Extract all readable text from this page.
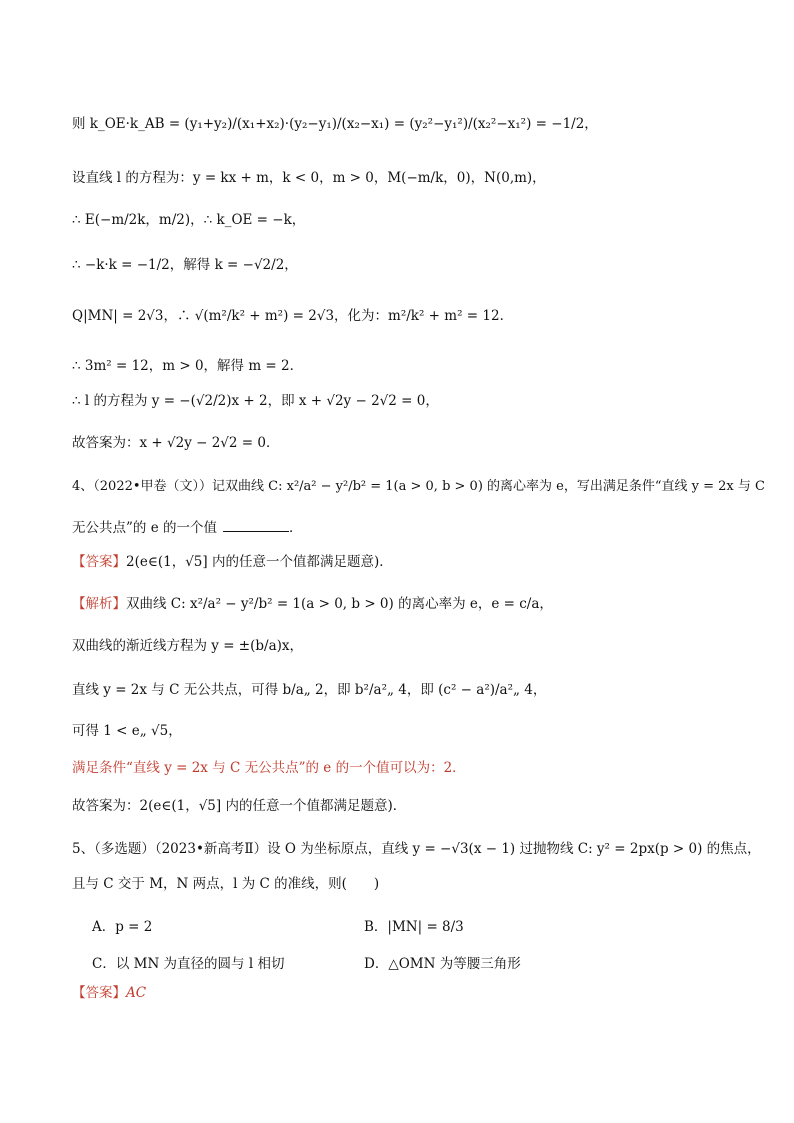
则 k_OE·k_AB = (y₁+y₂)/(x₁+x₂)·(y₂−y₁)/(x₂−x₁) = (y₂²−y₁²)/(x₂²−x₁²) = −1/2，
设直线 l 的方程为：y = kx + m，k < 0，m > 0，M(−m/k，0)，N(0,m)，
∴ E(−m/2k，m/2)，∴ k_OE = −k，
∴ −k·k = −1/2，解得 k = −√2/2，
Q|MN| = 2√3，∴ √(m²/k² + m²) = 2√3，化为：m²/k² + m² = 12．
∴ 3m² = 12，m > 0，解得 m = 2．
∴ l 的方程为 y = −(√2/2)x + 2，即 x + √2y − 2√2 = 0，
故答案为：x + √2y − 2√2 = 0．
4、（2022•甲卷（文））记双曲线 C: x²/a² − y²/b² = 1(a > 0, b > 0) 的离心率为 e，写出满足条件“直线 y = 2x 与 C
无公共点”的 e 的一个值	．
【答案】2(e∈(1，√5] 内的任意一个值都满足题意)．
【解析】双曲线 C: x²/a² − y²/b² = 1(a > 0, b > 0) 的离心率为 e，e = c/a，
双曲线的渐近线方程为 y = ±(b/a)x，
直线 y = 2x 与 C 无公共点，可得 b/a„ 2，即 b²/a²„ 4，即 (c² − a²)/a²„ 4，
可得 1 < e„ √5，
满足条件“直线 y = 2x 与 C 无公共点”的 e 的一个值可以为：2．
故答案为：2(e∈(1，√5] 内的任意一个值都满足题意)．
5、（多选题）（2023•新高考Ⅱ）设 O 为坐标原点，直线 y = −√3(x − 1) 过抛物线 C: y² = 2px(p > 0) 的焦点，
且与 C 交于 M，N 两点，l 为 C 的准线，则(　　)
A．p = 2	B．|MN| = 8/3
C．以 MN 为直径的圆与 l 相切	D．△OMN 为等腰三角形
【答案】AC
